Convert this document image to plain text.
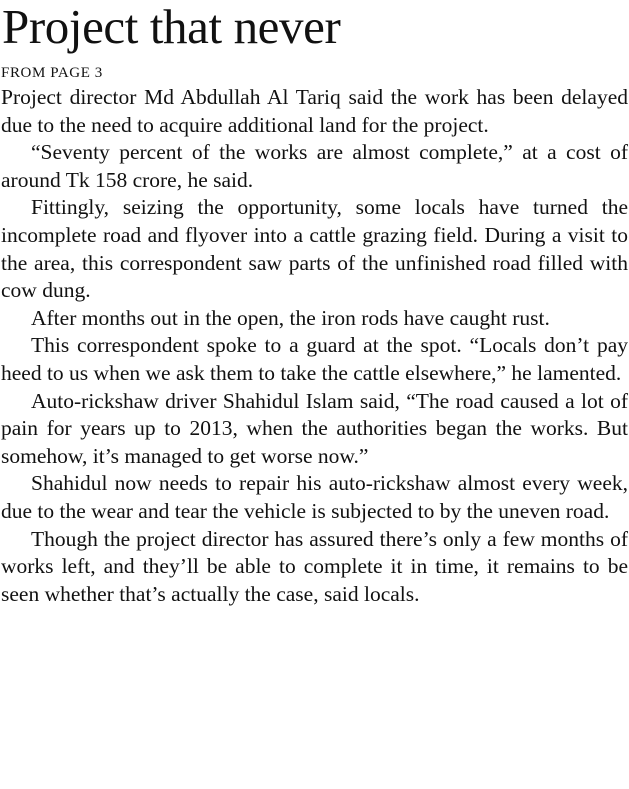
Project that never
FROM PAGE 3

Project director Md Abdullah Al Tariq said the work has been delayed due to the need to acquire additional land for the project.

“Seventy percent of the works are almost complete,” at a cost of around Tk 158 crore, he said.

Fittingly, seizing the opportunity, some locals have turned the incomplete road and flyover into a cattle grazing field. During a visit to the area, this correspondent saw parts of the unfinished road filled with cow dung.

After months out in the open, the iron rods have caught rust.

This correspondent spoke to a guard at the spot. “Locals don’t pay heed to us when we ask them to take the cattle elsewhere,” he lamented.

Auto-rickshaw driver Shahidul Islam said, “The road caused a lot of pain for years up to 2013, when the authorities began the works. But somehow, it’s managed to get worse now.”

Shahidul now needs to repair his auto-rickshaw almost every week, due to the wear and tear the vehicle is subjected to by the uneven road.

Though the project director has assured there’s only a few months of works left, and they’ll be able to complete it in time, it remains to be seen whether that’s actually the case, said locals.
